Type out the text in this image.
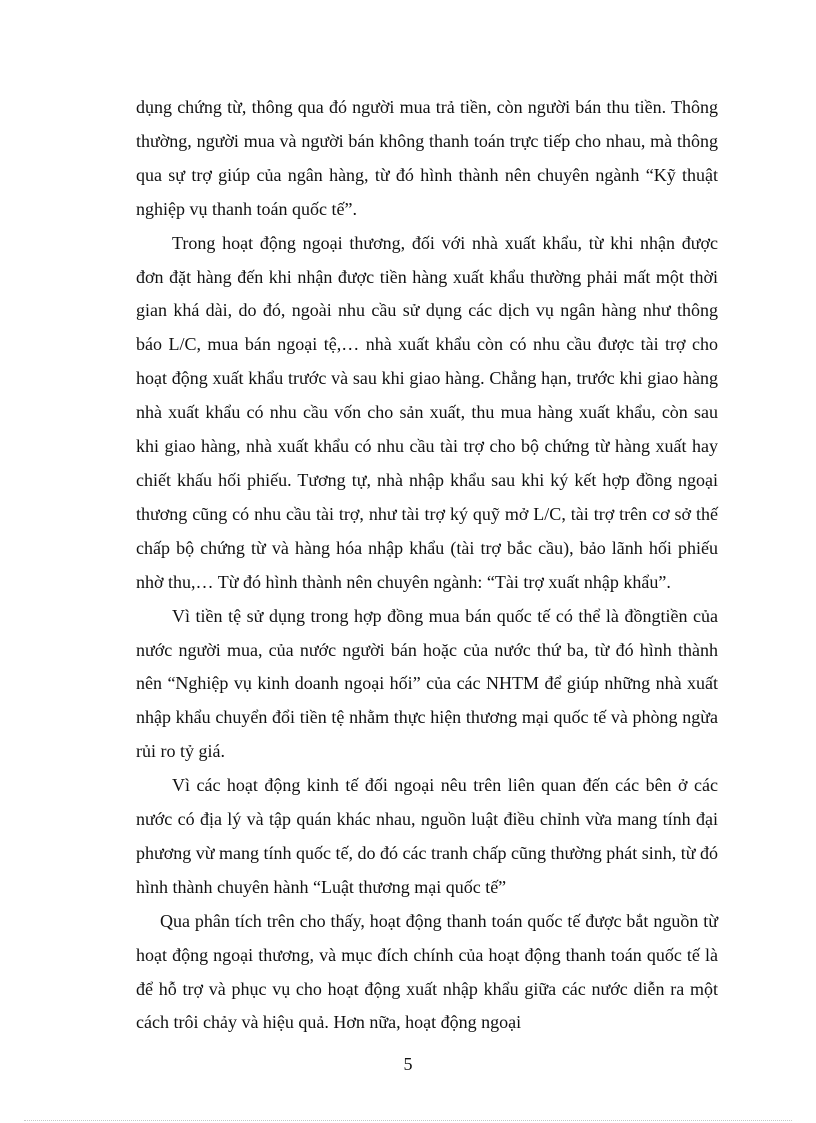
dụng chứng từ, thông qua đó người mua trả tiền, còn người bán thu tiền. Thông thường, người mua và người bán không thanh toán trực tiếp cho nhau, mà thông qua sự trợ giúp của ngân hàng, từ đó hình thành nên chuyên ngành “Kỹ thuật nghiệp vụ thanh toán quốc tế”.

Trong hoạt động ngoại thương, đối với nhà xuất khẩu, từ khi nhận được đơn đặt hàng đến khi nhận được tiền hàng xuất khẩu thường phải mất một thời gian khá dài, do đó, ngoài nhu cầu sử dụng các dịch vụ ngân hàng như thông báo L/C, mua bán ngoại tệ,… nhà xuất khẩu còn có nhu cầu được tài trợ cho hoạt động xuất khẩu trước và sau khi giao hàng. Chẳng hạn, trước khi giao hàng nhà xuất khẩu có nhu cầu vốn cho sản xuất, thu mua hàng xuất khẩu, còn sau khi giao hàng, nhà xuất khẩu có nhu cầu tài trợ cho bộ chứng từ hàng xuất hay chiết khấu hối phiếu. Tương tự, nhà nhập khẩu sau khi ký kết hợp đồng ngoại thương cũng có nhu cầu tài trợ, như tài trợ ký quỹ mở L/C, tài trợ trên cơ sở thế chấp bộ chứng từ và hàng hóa nhập khẩu (tài trợ bắc cầu), bảo lãnh hối phiếu nhờ thu,… Từ đó hình thành nên chuyên ngành: “Tài trợ xuất nhập khẩu”.

Vì tiền tệ sử dụng trong hợp đồng mua bán quốc tế có thể là đồngtiền của nước người mua, của nước người bán hoặc của nước thứ ba, từ đó hình thành nên “Nghiệp vụ kinh doanh ngoại hối” của các NHTM để giúp những nhà xuất nhập khẩu chuyển đổi tiền tệ nhằm thực hiện thương mại quốc tế và phòng ngừa rủi ro tỷ giá.

Vì các hoạt động kinh tế đối ngoại nêu trên liên quan đến các bên ở các nước có địa lý và tập quán khác nhau, nguồn luật điều chỉnh vừa mang tính đại phương vừ mang tính quốc tế, do đó các tranh chấp cũng thường phát sinh, từ đó hình thành chuyên hành “Luật thương mại quốc tế”

Qua phân tích trên cho thấy, hoạt động thanh toán quốc tế được bắt nguồn từ hoạt động ngoại thương, và mục đích chính của hoạt động thanh toán quốc tế là để hỗ trợ và phục vụ cho hoạt động xuất nhập khẩu giữa các nước diễn ra một cách trôi chảy và hiệu quả. Hơn nữa, hoạt động ngoại

5
